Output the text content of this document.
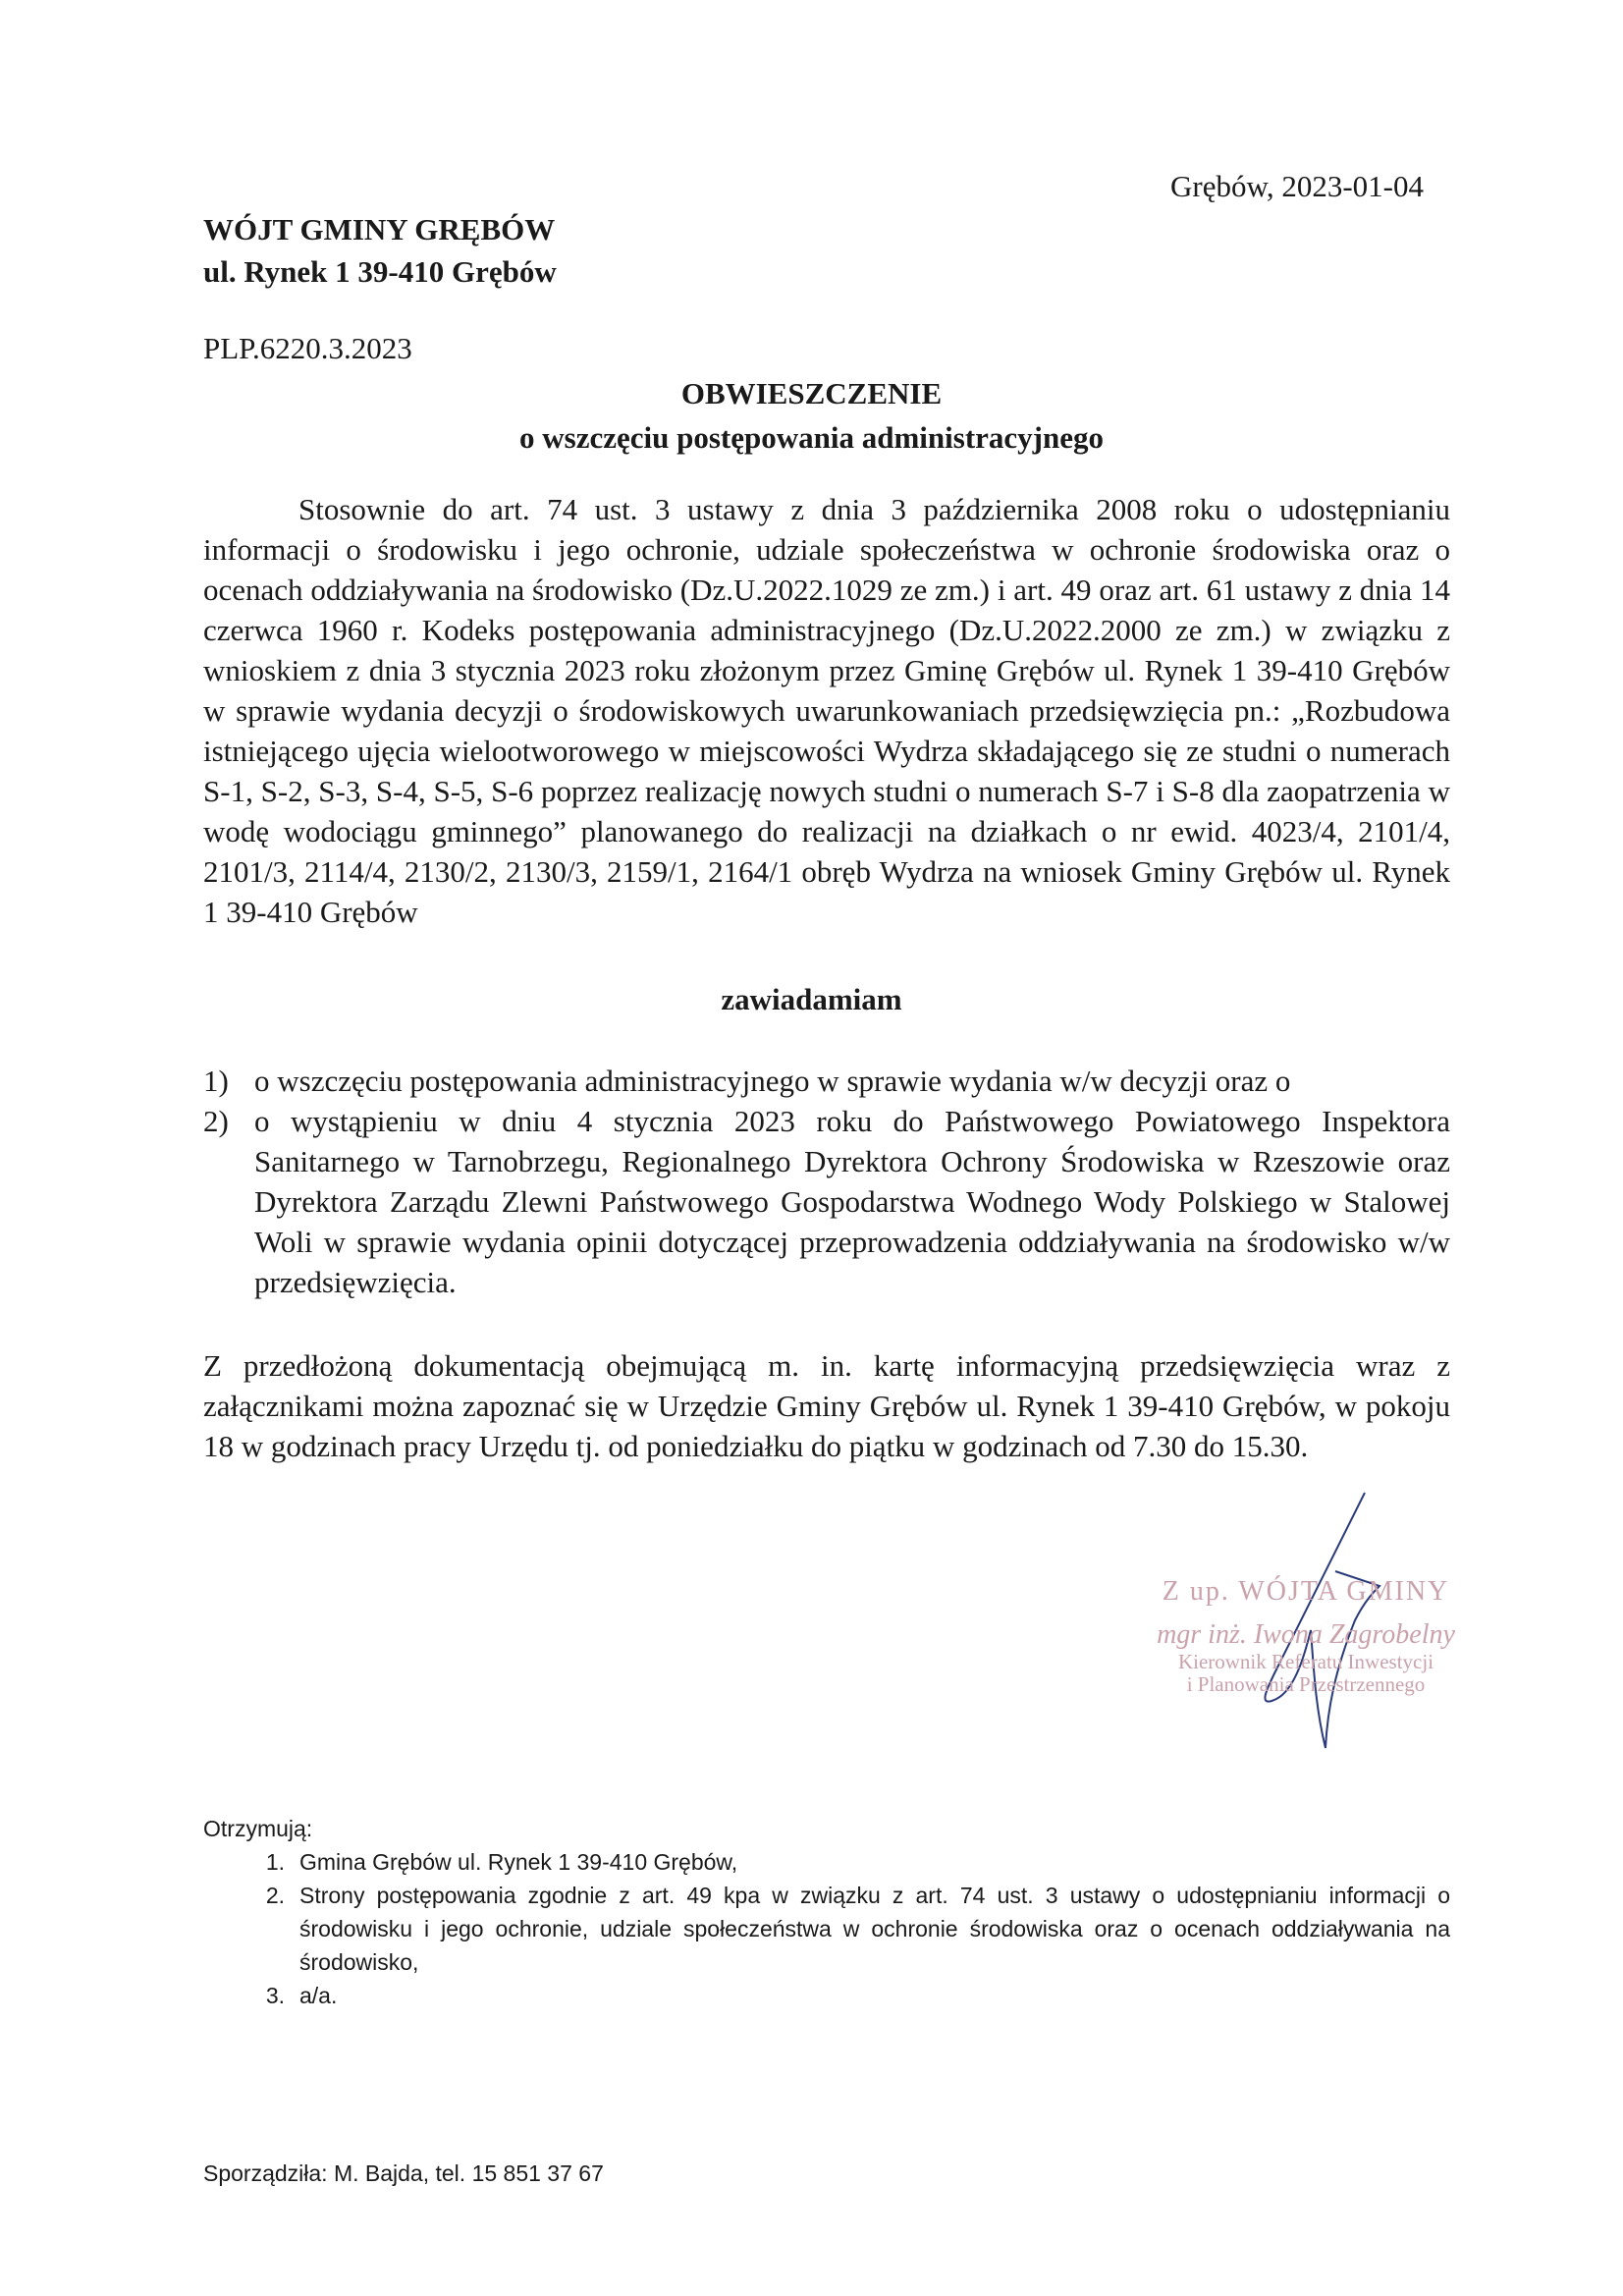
Grębów, 2023-01-04
WÓJT GMINY GRĘBÓW
ul. Rynek 1 39-410 Grębów
PLP.6220.3.2023
OBWIESZCZENIE
o wszczęciu postępowania administracyjnego
Stosownie do art. 74 ust. 3 ustawy z dnia 3 października 2008 roku o udostępnianiu informacji o środowisku i jego ochronie, udziale społeczeństwa w ochronie środowiska oraz o ocenach oddziaływania na środowisko (Dz.U.2022.1029 ze zm.) i art. 49 oraz art. 61 ustawy z dnia 14 czerwca 1960 r. Kodeks postępowania administracyjnego (Dz.U.2022.2000 ze zm.) w związku z wnioskiem z dnia 3 stycznia 2023 roku złożonym przez Gminę Grębów ul. Rynek 1 39-410 Grębów w sprawie wydania decyzji o środowiskowych uwarunkowaniach przedsięwzięcia pn.: „Rozbudowa istniejącego ujęcia wielootworowego w miejscowości Wydrza składającego się ze studni o numerach S-1, S-2, S-3, S-4, S-5, S-6 poprzez realizację nowych studni o numerach S-7 i S-8 dla zaopatrzenia w wodę wodociągu gminnego” planowanego do realizacji na działkach o nr ewid. 4023/4, 2101/4, 2101/3, 2114/4, 2130/2, 2130/3, 2159/1, 2164/1 obręb Wydrza na wniosek Gminy Grębów ul. Rynek 1 39-410 Grębów
zawiadamiam
1) o wszczęciu postępowania administracyjnego w sprawie wydania w/w decyzji oraz o
2) o wystąpieniu w dniu 4 stycznia 2023 roku do Państwowego Powiatowego Inspektora Sanitarnego w Tarnobrzegu, Regionalnego Dyrektora Ochrony Środowiska w Rzeszowie oraz Dyrektora Zarządu Zlewni Państwowego Gospodarstwa Wodnego Wody Polskiego w Stalowej Woli w sprawie wydania opinii dotyczącej przeprowadzenia oddziaływania na środowisko w/w przedsięwzięcia.
Z przedłożoną dokumentacją obejmującą m. in. kartę informacyjną przedsięwzięcia wraz z załącznikami można zapoznać się w Urzędzie Gminy Grębów ul. Rynek 1 39-410 Grębów, w pokoju 18 w godzinach pracy Urzędu tj. od poniedziałku do piątku w godzinach od 7.30 do 15.30.
Z up. WÓJTA GMINY
mgr inż. Iwona Zagrobelny
Kierownik Referatu Inwestycji
i Planowania Przestrzennego
Otrzymują:
1. Gmina Grębów ul. Rynek 1 39-410 Grębów,
2. Strony postępowania zgodnie z art. 49 kpa w związku z art. 74 ust. 3 ustawy o udostępnianiu informacji o środowisku i jego ochronie, udziale społeczeństwa w ochronie środowiska oraz o ocenach oddziaływania na środowisko,
3. a/a.
Sporządziła: M. Bajda, tel. 15 851 37 67
